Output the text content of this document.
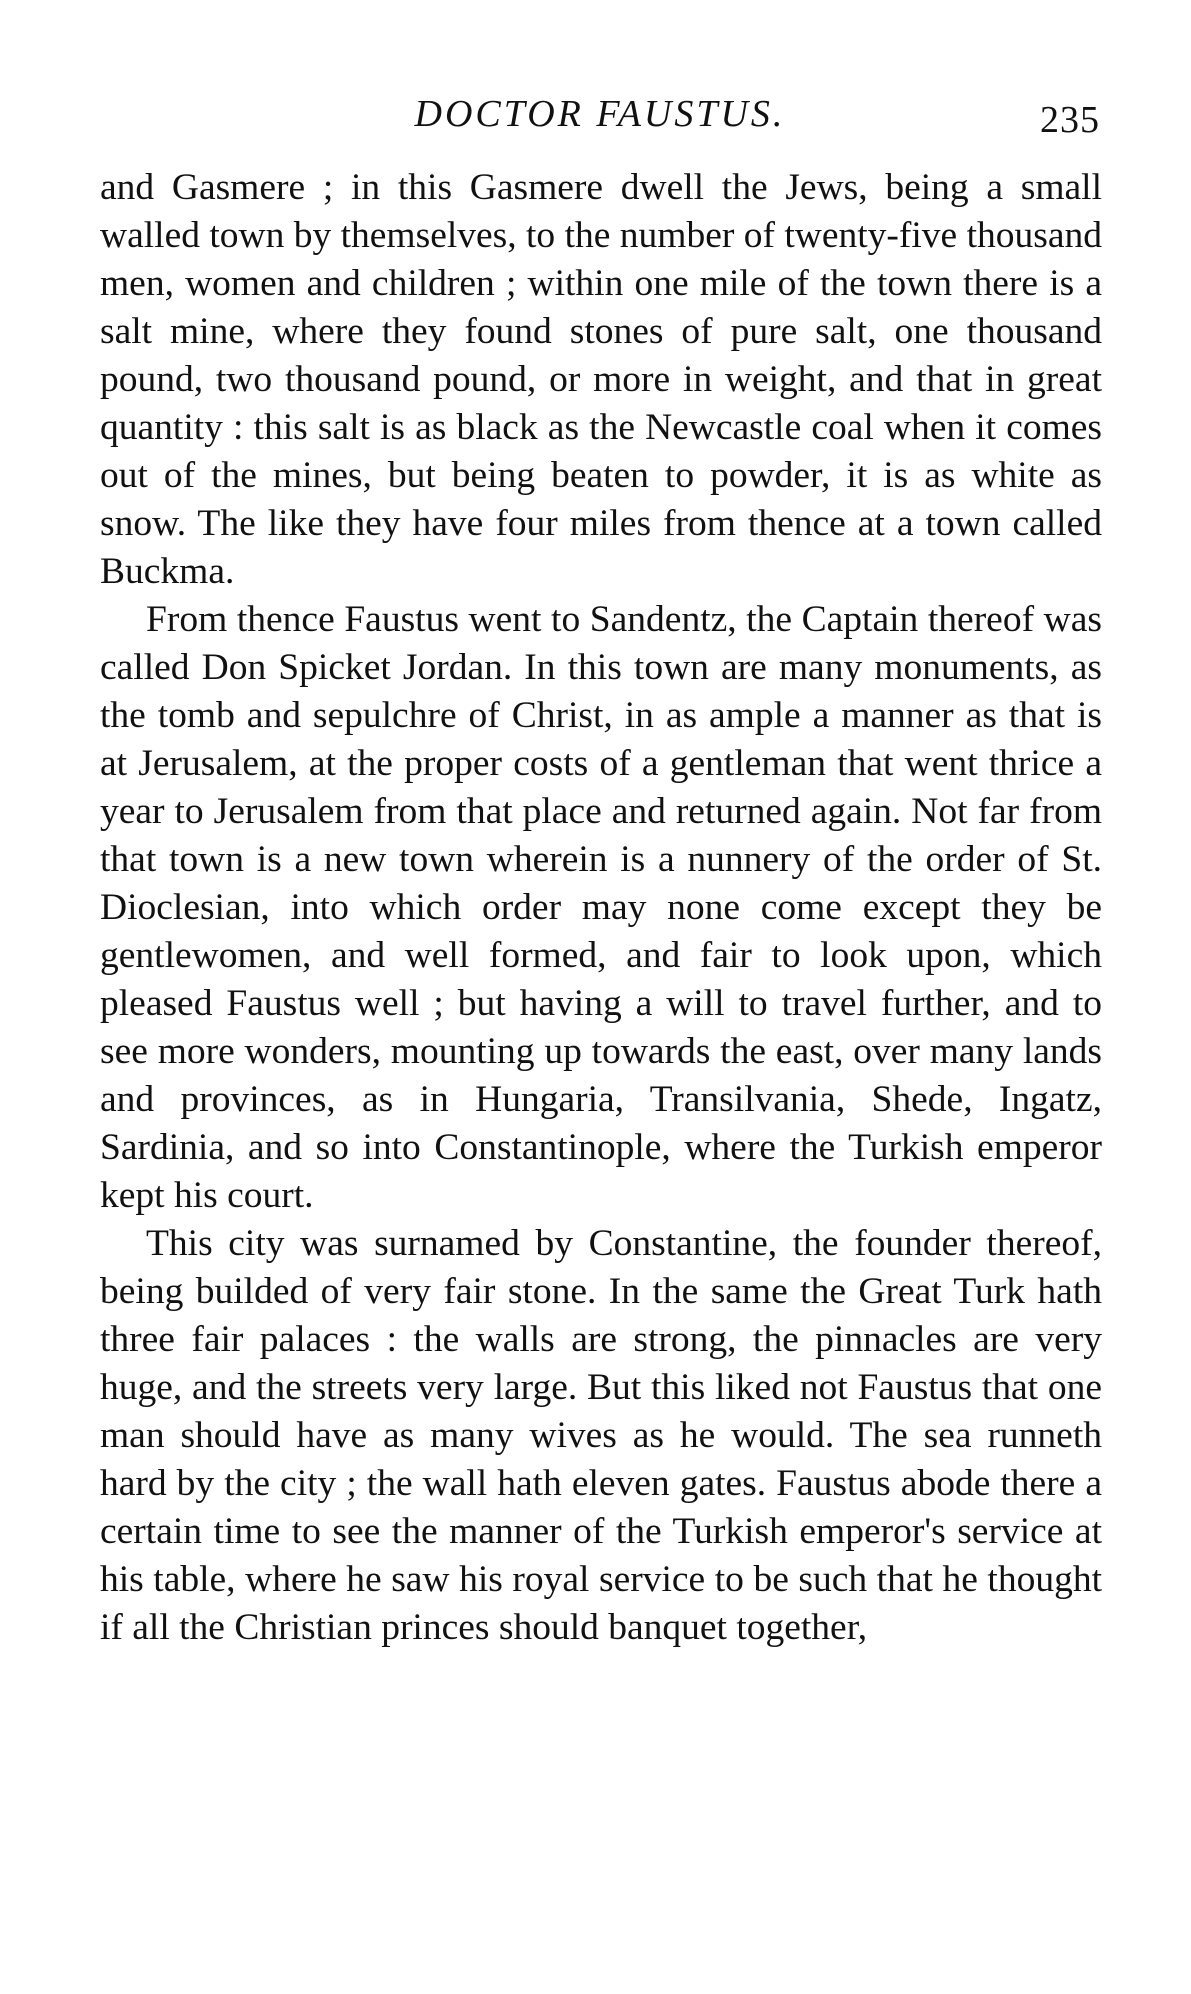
DOCTOR FAUSTUS.	235

and Gasmere ; in this Gasmere dwell the Jews, being a small walled town by themselves, to the number of twenty-five thousand men, women and children ; within one mile of the town there is a salt mine, where they found stones of pure salt, one thousand pound, two thousand pound, or more in weight, and that in great quantity : this salt is as black as the Newcastle coal when it comes out of the mines, but being beaten to powder, it is as white as snow. The like they have four miles from thence at a town called Buckma.

From thence Faustus went to Sandentz, the Captain thereof was called Don Spicket Jordan. In this town are many monuments, as the tomb and sepulchre of Christ, in as ample a manner as that is at Jerusalem, at the proper costs of a gentleman that went thrice a year to Jerusalem from that place and returned again. Not far from that town is a new town wherein is a nunnery of the order of St. Dioclesian, into which order may none come except they be gentlewomen, and well formed, and fair to look upon, which pleased Faustus well ; but having a will to travel further, and to see more wonders, mounting up towards the east, over many lands and provinces, as in Hungaria, Transilvania, Shede, Ingatz, Sardinia, and so into Constantinople, where the Turkish emperor kept his court.

This city was surnamed by Constantine, the founder thereof, being builded of very fair stone. In the same the Great Turk hath three fair palaces : the walls are strong, the pinnacles are very huge, and the streets very large. But this liked not Faustus that one man should have as many wives as he would. The sea runneth hard by the city ; the wall hath eleven gates. Faustus abode there a certain time to see the manner of the Turkish emperor's service at his table, where he saw his royal service to be such that he thought if all the Christian princes should banquet together,
